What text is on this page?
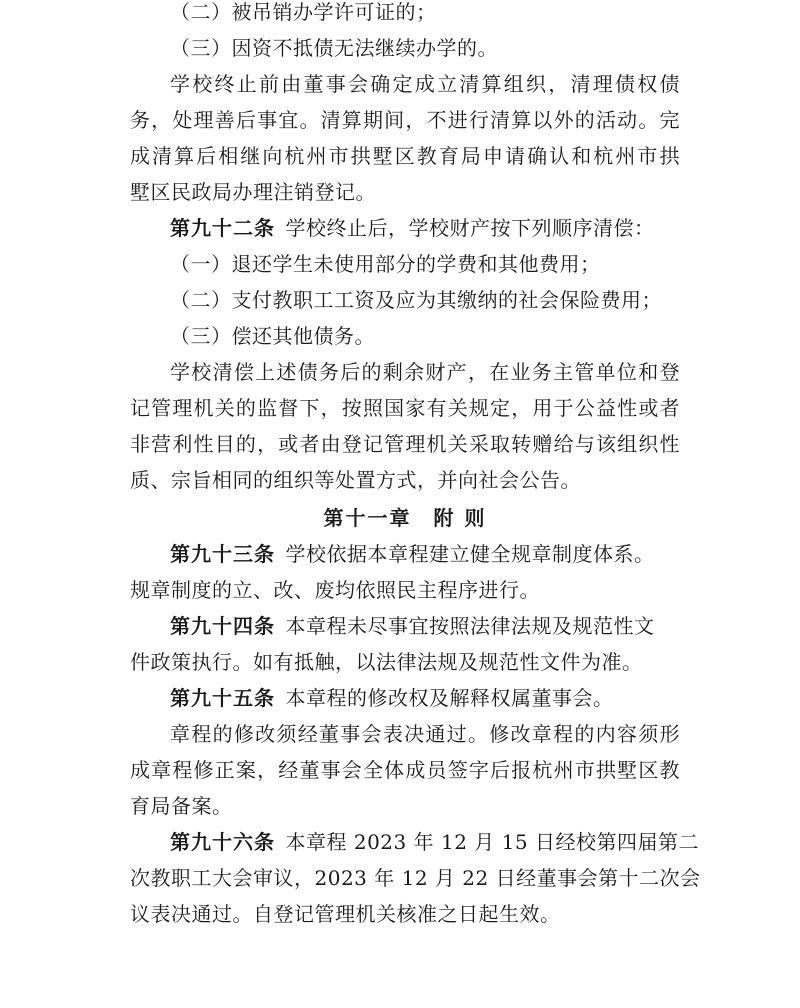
（二）被吊销办学许可证的；
（三）因资不抵债无法继续办学的。
学校终止前由董事会确定成立清算组织，清理债权债
务，处理善后事宜。清算期间，不进行清算以外的活动。完
成清算后相继向杭州市拱墅区教育局申请确认和杭州市拱
墅区民政局办理注销登记。
第九十二条  学校终止后，学校财产按下列顺序清偿：
（一）退还学生未使用部分的学费和其他费用；
（二）支付教职工工资及应为其缴纳的社会保险费用；
（三）偿还其他债务。
学校清偿上述债务后的剩余财产，在业务主管单位和登
记管理机关的监督下，按照国家有关规定，用于公益性或者
非营利性目的，或者由登记管理机关采取转赠给与该组织性
质、宗旨相同的组织等处置方式，并向社会公告。
第十一章　附 则
第九十三条  学校依据本章程建立健全规章制度体系。
规章制度的立、改、废均依照民主程序进行。
第九十四条  本章程未尽事宜按照法律法规及规范性文
件政策执行。如有抵触，以法律法规及规范性文件为准。
第九十五条  本章程的修改权及解释权属董事会。
章程的修改须经董事会表决通过。修改章程的内容须形
成章程修正案，经董事会全体成员签字后报杭州市拱墅区教
育局备案。
第九十六条  本章程 2023 年 12 月 15 日经校第四届第二
次教职工大会审议，2023 年 12 月 22 日经董事会第十二次会
议表决通过。自登记管理机关核准之日起生效。
